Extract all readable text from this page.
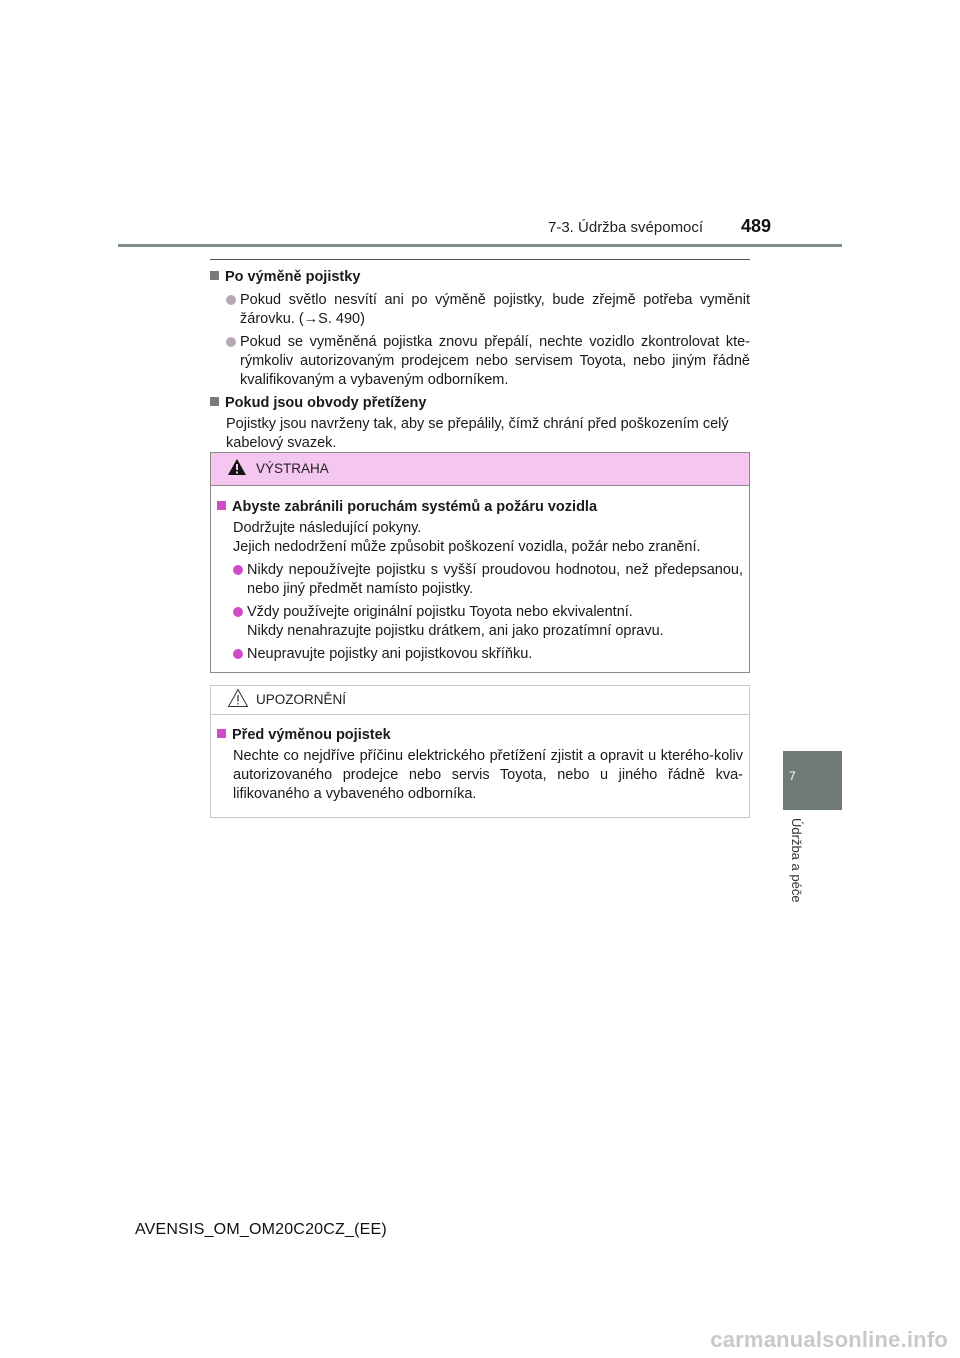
7-3. Údržba svépomocí 489
7
Údržba a péče
Po výměně pojistky
Pokud světlo nesvítí ani po výměně pojistky, bude zřejmě potřeba vyměnit žárovku. (→S. 490)
Pokud se vyměněná pojistka znovu přepálí, nechte vozidlo zkontrolovat kte-rýmkoliv autorizovaným prodejcem nebo servisem Toyota, nebo jiným řádně kvalifikovaným a vybaveným odborníkem.
Pokud jsou obvody přetíženy
Pojistky jsou navrženy tak, aby se přepálily, čímž chrání před poškozením celý kabelový svazek.
VÝSTRAHA
Abyste zabránili poruchám systémů a požáru vozidla
Dodržujte následující pokyny.
Jejich nedodržení může způsobit poškození vozidla, požár nebo zranění.
Nikdy nepoužívejte pojistku s vyšší proudovou hodnotou, než předepsanou, nebo jiný předmět namísto pojistky.
Vždy používejte originální pojistku Toyota nebo ekvivalentní.
Nikdy nenahrazujte pojistku drátkem, ani jako prozatímní opravu.
Neupravujte pojistky ani pojistkovou skříňku.
UPOZORNĚNÍ
Před výměnou pojistek
Nechte co nejdříve příčinu elektrického přetížení zjistit a opravit u kterého-koliv autorizovaného prodejce nebo servis Toyota, nebo u jiného řádně kva-lifikovaného a vybaveného odborníka.
AVENSIS_OM_OM20C20CZ_(EE)
carmanualsonline.info
